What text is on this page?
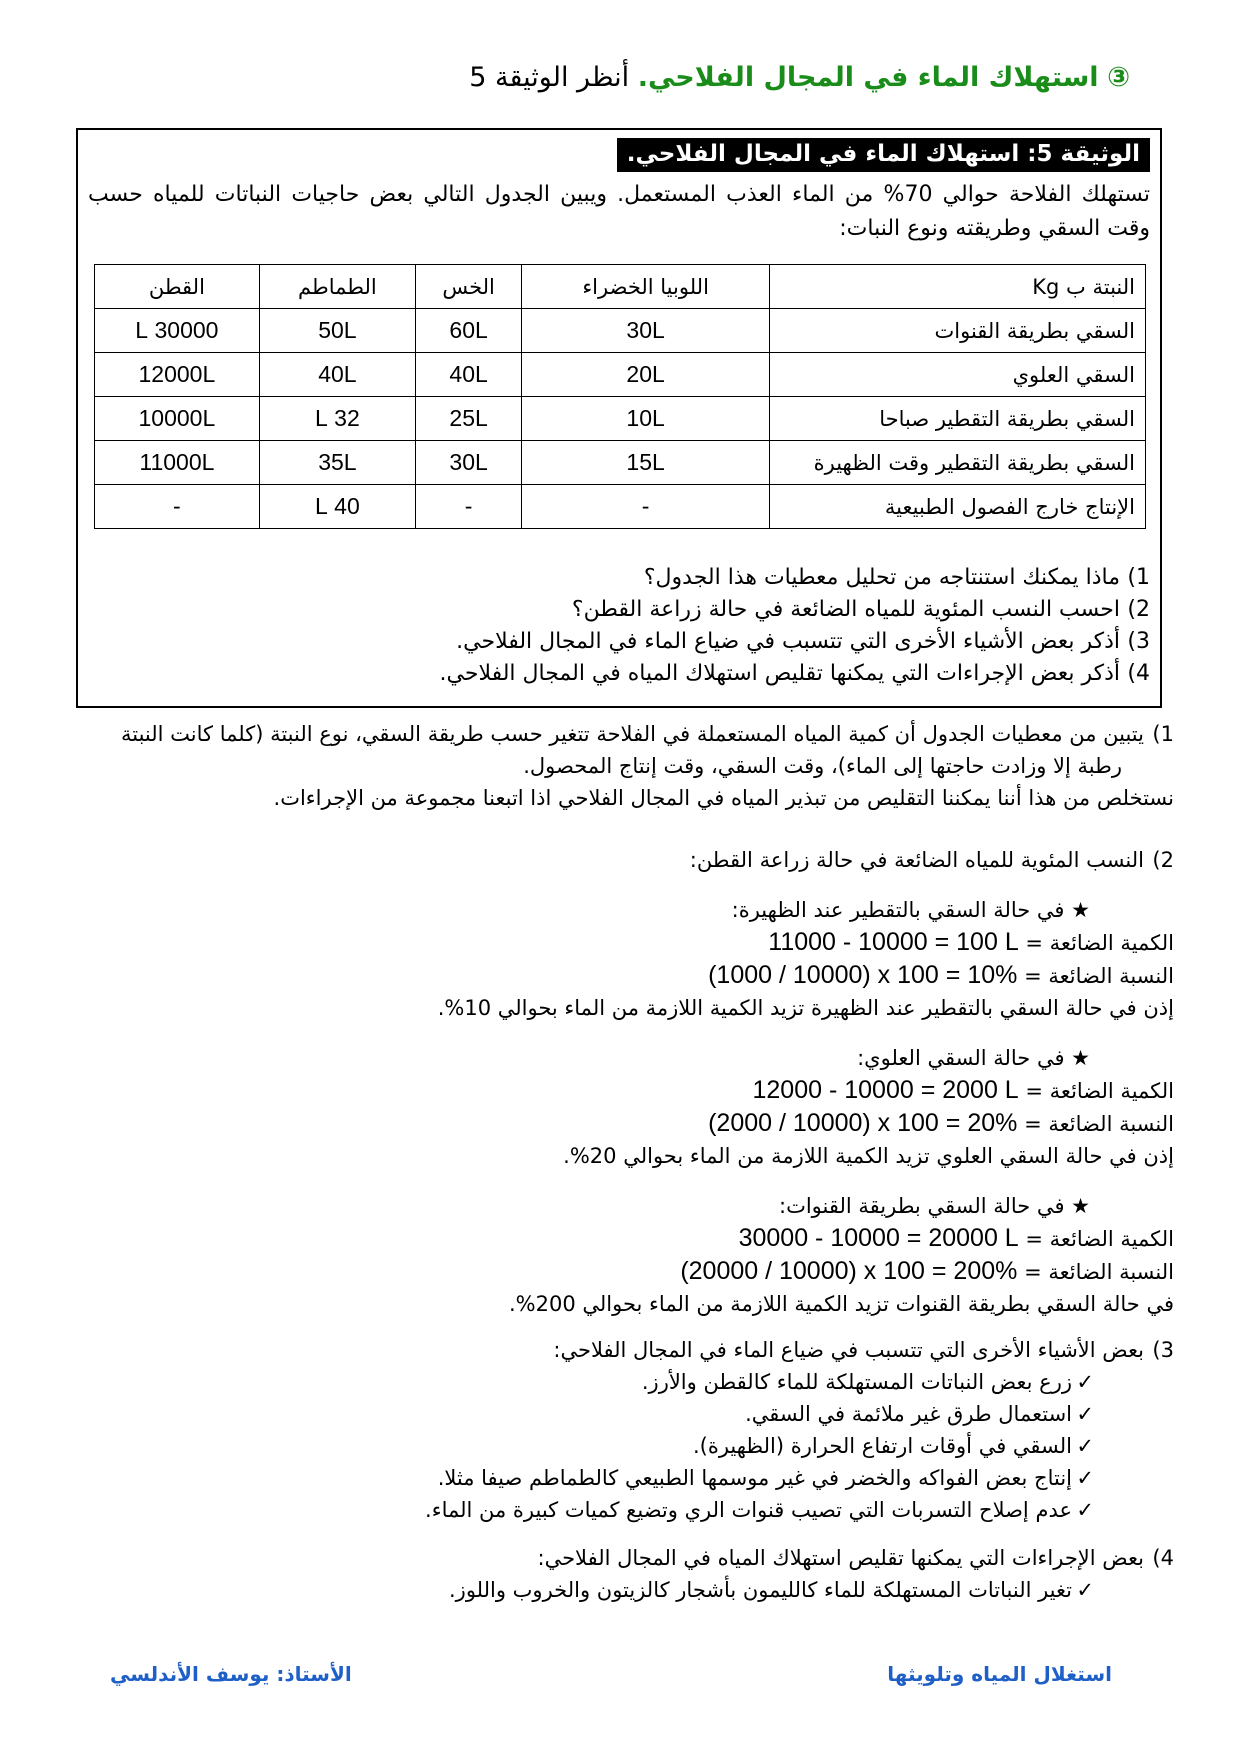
③ استهلاك الماء في المجال الفلاحي. أنظر الوثيقة 5
الوثيقة 5: استهلاك الماء في المجال الفلاحي.
تستهلك الفلاحة حوالي 70% من الماء العذب المستعمل. ويبين الجدول التالي بعض حاجيات النباتات للمياه حسب وقت السقي وطريقته ونوع النبات:
النبتة ب Kg	اللوبيا الخضراء	الخس	الطماطم	القطن
السقي بطريقة القنوات	30L	60L	50L	30000 L
السقي العلوي	20L	40L	40L	12000L
السقي بطريقة التقطير صباحا	10L	25L	32 L	10000L
السقي بطريقة التقطير وقت الظهيرة	15L	30L	35L	11000L
الإنتاج خارج الفصول الطبيعية	-	-	40 L	-
1)
ماذا يمكنك استنتاجه من تحليل معطيات هذا الجدول؟
2)
احسب النسب المئوية للمياه الضائعة في حالة زراعة القطن؟
3)
أذكر بعض الأشياء الأخرى التي تتسبب في ضياع الماء في المجال الفلاحي.
4)
أذكر بعض الإجراءات التي يمكنها تقليص استهلاك المياه في المجال الفلاحي.
1)
يتبين من معطيات الجدول أن كمية المياه المستعملة في الفلاحة تتغير حسب طريقة السقي، نوع النبتة (كلما كانت النبتة
رطبة إلا وزادت حاجتها إلى الماء)، وقت السقي، وقت إنتاج المحصول.
نستخلص من هذا أننا يمكننا التقليص من تبذير المياه في المجال الفلاحي اذا اتبعنا مجموعة من الإجراءات.
2)
النسب المئوية للمياه الضائعة في حالة زراعة القطن:
★ في حالة السقي بالتقطير عند الظهيرة:
الكمية الضائعة = 11000 - 10000 = 100 L
النسبة الضائعة = (1000 / 10000) x 100 = 10%
إذن في حالة السقي بالتقطير عند الظهيرة تزيد الكمية اللازمة من الماء بحوالي 10%.
★ في حالة السقي العلوي:
الكمية الضائعة = 12000 - 10000 = 2000 L
النسبة الضائعة = (2000 / 10000) x 100 = 20%
إذن في حالة السقي العلوي تزيد الكمية اللازمة من الماء بحوالي 20%.
★ في حالة السقي بطريقة القنوات:
الكمية الضائعة = 30000 - 10000 = 20000 L
النسبة الضائعة = (20000 / 10000) x 100 = 200%
في حالة السقي بطريقة القنوات تزيد الكمية اللازمة من الماء بحوالي 200%.
3)
بعض الأشياء الأخرى التي تتسبب في ضياع الماء في المجال الفلاحي:
✓
زرع بعض النباتات المستهلكة للماء كالقطن والأرز.
✓
استعمال طرق غير ملائمة في السقي.
✓
السقي في أوقات ارتفاع الحرارة (الظهيرة).
✓
إنتاج بعض الفواكه والخضر في غير موسمها الطبيعي كالطماطم صيفا مثلا.
✓
عدم إصلاح التسربات التي تصيب قنوات الري وتضيع كميات كبيرة من الماء.
4)
بعض الإجراءات التي يمكنها تقليص استهلاك المياه في المجال الفلاحي:
✓
تغير النباتات المستهلكة للماء كالليمون بأشجار كالزيتون والخروب واللوز.
الأستاذ: يوسف الأندلسي	استغلال المياه وتلويثها
